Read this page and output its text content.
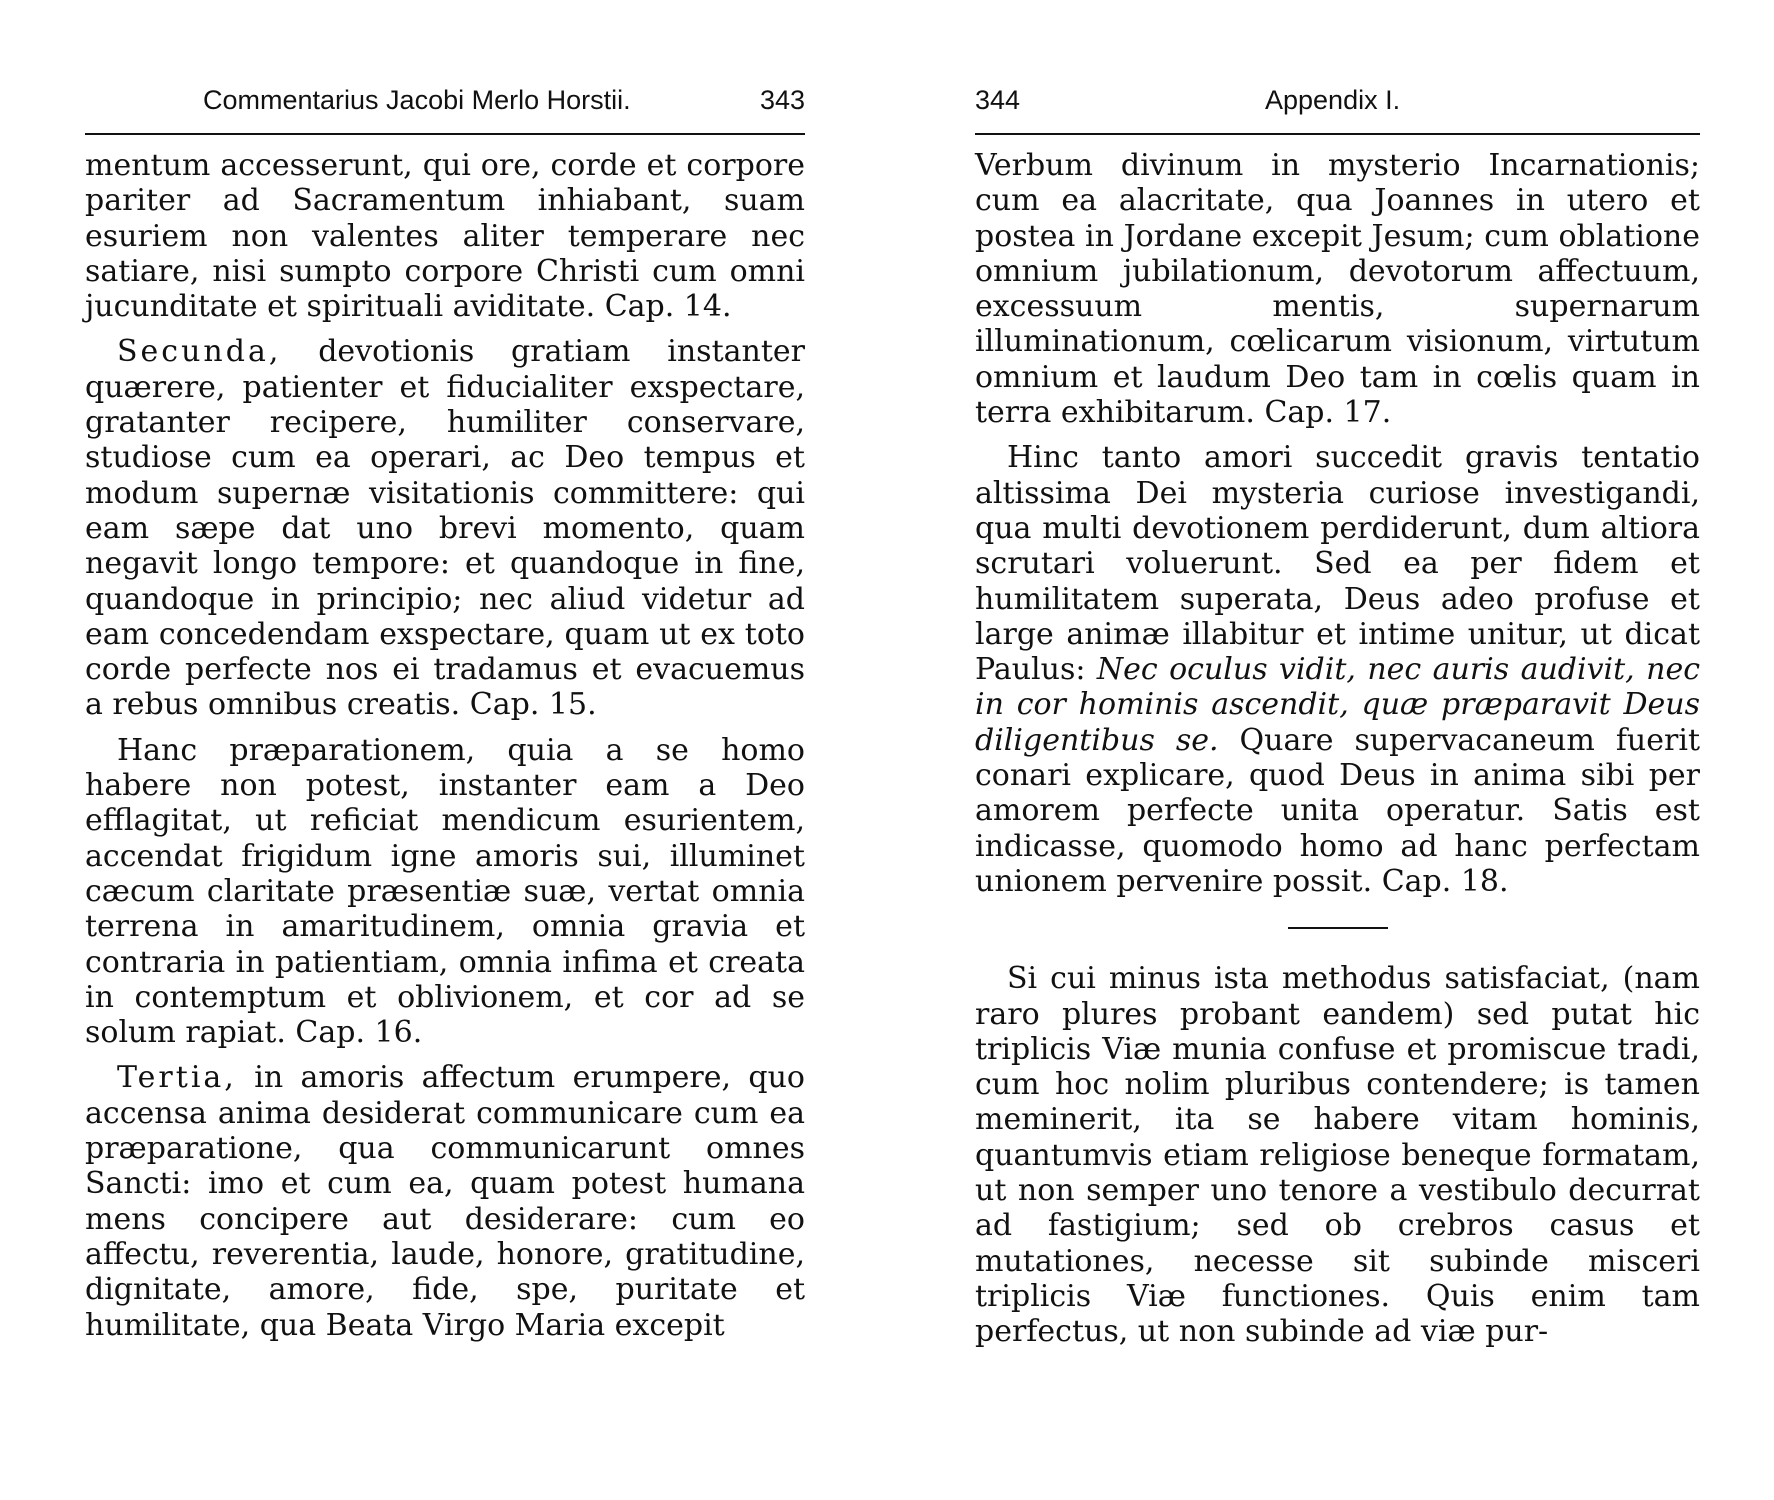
Commentarius Jacobi Merlo Horstii.	343

mentum accesserunt, qui ore, corde et corpore pariter ad Sacramentum inhiabant, suam esuriem non valentes aliter temperare nec satiare, nisi sumpto corpore Christi cum omni jucunditate et spirituali aviditate. Cap. 14.

Secunda, devotionis gratiam instanter quærere, patienter et fiducialiter exspectare, gratanter recipere, humiliter conservare, studiose cum ea operari, ac Deo tempus et modum supernæ visitationis committere: qui eam sæpe dat uno brevi momento, quam negavit longo tempore: et quandoque in fine, quandoque in principio; nec aliud videtur ad eam concedendam exspectare, quam ut ex toto corde perfecte nos ei tradamus et evacuemus a rebus omnibus creatis. Cap. 15.

Hanc præparationem, quia a se homo habere non potest, instanter eam a Deo efflagitat, ut reficiat mendicum esurientem, accendat frigidum igne amoris sui, illuminet cæcum claritate præsentiæ suæ, vertat omnia terrena in amaritudinem, omnia gravia et contraria in patientiam, omnia infima et creata in contemptum et oblivionem, et cor ad se solum rapiat. Cap. 16.

Tertia, in amoris affectum erumpere, quo accensa anima desiderat communicare cum ea præparatione, qua communicarunt omnes Sancti: imo et cum ea, quam potest humana mens concipere aut desiderare: cum eo affectu, reverentia, laude, honore, gratitudine, dignitate, amore, fide, spe, puritate et humilitate, qua Beata Virgo Maria excepit

344	Appendix I.

Verbum divinum in mysterio Incarnationis; cum ea alacritate, qua Joannes in utero et postea in Jordane excepit Jesum; cum oblatione omnium jubilationum, devotorum affectuum, excessuum mentis, supernarum illuminationum, cœlicarum visionum, virtutum omnium et laudum Deo tam in cœlis quam in terra exhibitarum. Cap. 17.

Hinc tanto amori succedit gravis tentatio altissima Dei mysteria curiose investigandi, qua multi devotionem perdiderunt, dum altiora scrutari voluerunt. Sed ea per fidem et humilitatem superata, Deus adeo profuse et large animæ illabitur et intime unitur, ut dicat Paulus: Nec oculus vidit, nec auris audivit, nec in cor hominis ascendit, quæ præparavit Deus diligentibus se. Quare supervacaneum fuerit conari explicare, quod Deus in anima sibi per amorem perfecte unita operatur. Satis est indicasse, quomodo homo ad hanc perfectam unionem pervenire possit. Cap. 18.

Si cui minus ista methodus satisfaciat, (nam raro plures probant eandem) sed putat hic triplicis Viæ munia confuse et promiscue tradi, cum hoc nolim pluribus contendere; is tamen meminerit, ita se habere vitam hominis, quantumvis etiam religiose beneque formatam, ut non semper uno tenore a vestibulo decurrat ad fastigium; sed ob crebros casus et mutationes, necesse sit subinde misceri triplicis Viæ functiones. Quis enim tam perfectus, ut non subinde ad viæ pur-
